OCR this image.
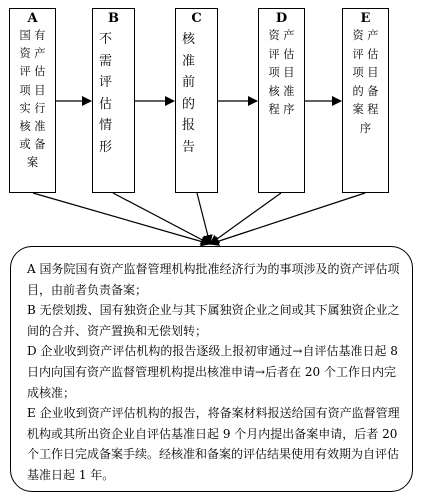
A
国 有
资 产
评 估
项 目
实 行
核 准
或 备
案
B
不
需
评
估
情
形
C
核
准
前
的
报
告
D
资 产
评 估
项 目
核 准
程 序
E
资 产
评 估
项 目
的 备
案 程
序

A 国务院国有资产监督管理机构批准经济行为的事项涉及的资产评估项目，由前者负责备案；

B 无偿划拨、国有独资企业与其下属独资企业之间或其下属独资企业之间的合并、资产置换和无偿划转；

D 企业收到资产评估机构的报告逐级上报初审通过→自评估基准日起 8 日内向国有资产监督管理机构提出核准申请→后者在 20 个工作日内完成核准；

E 企业收到资产评估机构的报告，将备案材料报送给国有资产监督管理机构或其所出资企业自评估基准日起 9 个月内提出备案申请，后者 20 个工作日完成备案手续。经核准和备案的评估结果使用有效期为自评估基准日起 1 年。
